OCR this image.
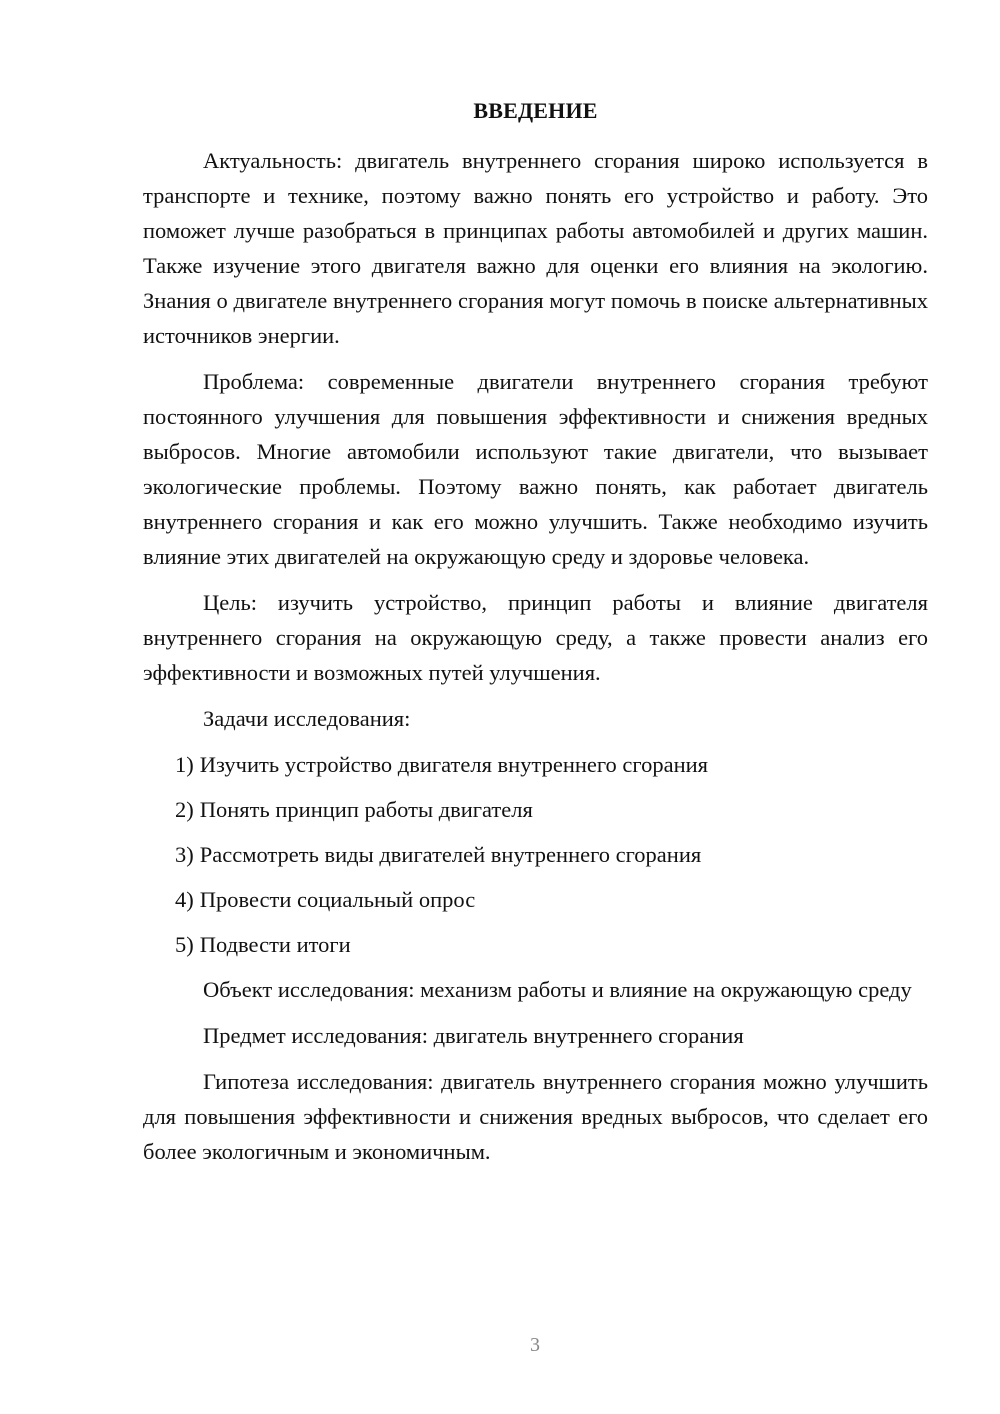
ВВЕДЕНИЕ

Актуальность: двигатель внутреннего сгорания широко используется в транспорте и технике, поэтому важно понять его устройство и работу. Это поможет лучше разобраться в принципах работы автомобилей и других машин. Также изучение этого двигателя важно для оценки его влияния на экологию. Знания о двигателе внутреннего сгорания могут помочь в поиске альтернативных источников энергии.

Проблема: современные двигатели внутреннего сгорания требуют постоянного улучшения для повышения эффективности и снижения вредных выбросов. Многие автомобили используют такие двигатели, что вызывает экологические проблемы. Поэтому важно понять, как работает двигатель внутреннего сгорания и как его можно улучшить. Также необходимо изучить влияние этих двигателей на окружающую среду и здоровье человека.

Цель: изучить устройство, принцип работы и влияние двигателя внутреннего сгорания на окружающую среду, а также провести анализ его эффективности и возможных путей улучшения.

Задачи исследования:

1) Изучить устройство двигателя внутреннего сгорания
2) Понять принцип работы двигателя
3) Рассмотреть виды двигателей внутреннего сгорания
4) Провести социальный опрос
5) Подвести итоги

Объект исследования: механизм работы и влияние на окружающую среду

Предмет исследования: двигатель внутреннего сгорания

Гипотеза исследования: двигатель внутреннего сгорания можно улучшить для повышения эффективности и снижения вредных выбросов, что сделает его более экологичным и экономичным.

3
